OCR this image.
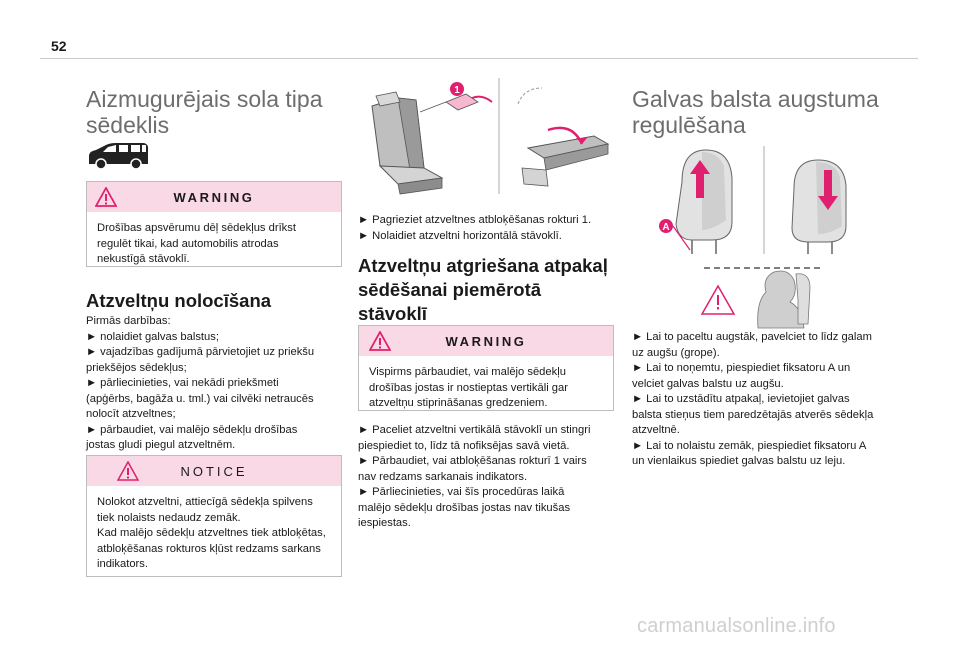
52
Aizmugurējais sola tipa
sēdeklis
WARNING

Drošības apsvērumu dēļ sēdekļus drīkst
regulēt tikai, kad automobilis atrodas
nekustīgā stāvoklī.

Atzveltņu nolocīšana

Pirmās darbības:
► nolaidiet galvas balstus;
► vajadzības gadījumā pārvietojiet uz priekšu
priekšējos sēdekļus;
► pārliecinieties, vai nekādi priekšmeti
(apģērbs, bagāža u. tml.) vai cilvēki netraucēs
nolocīt atzveltnes;
► pārbaudiet, vai malējo sēdekļu drošības
jostas gludi piegul atzveltnēm.

NOTICE

Nolokot atzveltni, attiecīgā sēdekļa spilvens
tiek nolaists nedaudz zemāk.
Kad malējo sēdekļu atzveltnes tiek atbloķētas,
atbloķēšanas rokturos kļūst redzams sarkans
indikators.

1

► Pagrieziet atzveltnes atbloķēšanas rokturi 1.
► Nolaidiet atzveltni horizontālā stāvoklī.

Atzveltņu atgriešana atpakaļ
sēdēšanai piemērotā
stāvoklī
WARNING

Vispirms pārbaudiet, vai malējo sēdekļu
drošības jostas ir nostieptas vertikāli gar
atzveltņu stiprināšanas gredzeniem.

► Paceliet atzveltni vertikālā stāvoklī un stingri
piespiediet to, līdz tā nofiksējas savā vietā.
► Pārbaudiet, vai atbloķēšanas rokturī 1 vairs
nav redzams sarkanais indikators.
► Pārliecinieties, vai šīs procedūras laikā
malējo sēdekļu drošības jostas nav tikušas
iespiestas.

Galvas balsta augstuma
regulēšana
A

► Lai to paceltu augstāk, pavelciet to līdz galam
uz augšu (grope).
► Lai to noņemtu, piespiediet fiksatoru A un
velciet galvas balstu uz augšu.
► Lai to uzstādītu atpakaļ, ievietojiet galvas
balsta stieņus tiem paredzētajās atverēs sēdekļa
atzveltnē.
► Lai to nolaistu zemāk, piespiediet fiksatoru A
un vienlaikus spiediet galvas balstu uz leju.

carmanualsonline.info
